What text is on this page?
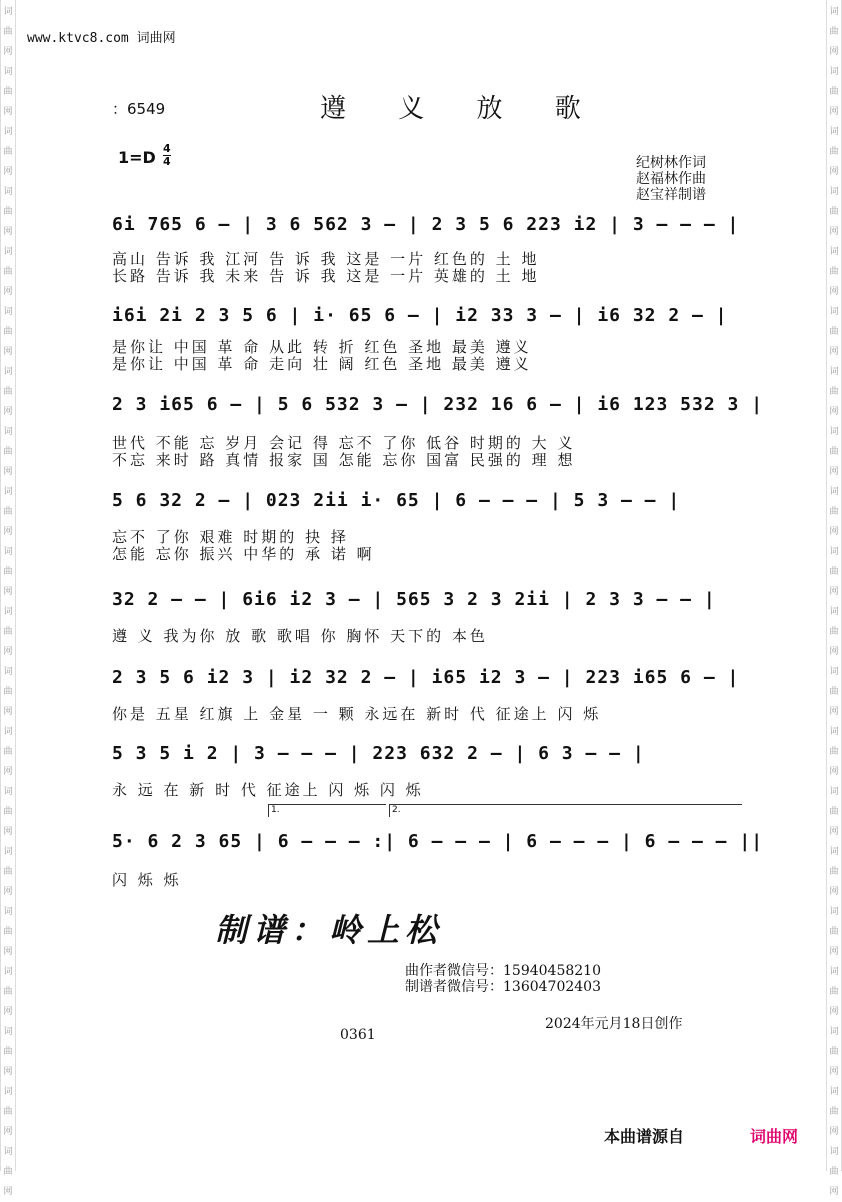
词
曲
网
词
曲
网
词
曲
网
词
曲
网
词
曲
网
词
曲
网
词
曲
网
词
曲
网
词
曲
网
词
曲
网
词
曲
网
词
曲
网
词
曲
网
词
曲
网
词
曲
网
词
曲
网
词
曲
网
词
曲
网
词
曲
网
词
曲
网
词
曲
网
词
曲
网
词
曲
网
词
曲
网
词
曲
网
词
曲
网
词
曲
网
词
曲
网
词
曲
网
词
曲
网
词
曲
网
词
曲
网
词
曲
网
词
曲
网
词
曲
网
词
曲
网
词
曲
网
词
曲
网
词
曲
网
词
曲
网
www.ktvc8.com 词曲网
：6549	遵 义 放 歌
1=D 4
4	纪树林作词
赵福林作曲
赵宝祥制谱
6i 765 6 – | 3 6 562 3 – | 2 3 5 6 223 i2 | 3 – – – |
高山 告诉 我 江河 告 诉 我 这是 一片 红色的 土 地
长路 告诉 我 未来 告 诉 我 这是 一片 英雄的 土 地
i6i 2i 2 3 5 6 | i· 65 6 – | i2 33 3 – | i6 32 2 – |
是你让 中国 革 命 从此 转 折 红色 圣地 最美 遵义
是你让 中国 革 命 走向 壮 阔 红色 圣地 最美 遵义
2 3 i65 6 – | 5 6 532 3 – | 232 16 6 – | i6 123 532 3 |
世代 不能 忘 岁月 会记 得 忘不 了你 低谷 时期的 大 义
不忘 来时 路 真情 报家 国 怎能 忘你 国富 民强的 理 想
5 6 32 2 – | 023 2ii i· 65 | 6 – – – | 5 3 – – |
忘不 了你 艰难 时期的 抉 择
怎能 忘你 振兴 中华的 承 诺 啊
32 2 – – | 6i6 i2 3 – | 565 3 2 3 2ii | 2 3 3 – – |
遵 义 我为你 放 歌 歌唱 你 胸怀 天下的 本色
2 3 5 6 i2 3 | i2 32 2 – | i65 i2 3 – | 223 i65 6 – |
你是 五星 红旗 上 金星 一 颗 永远在 新时 代 征途上 闪 烁
5 3 5 i 2 | 3 – – – | 223 632 2 – | 6 3 – – |
永 远 在 新 时 代 征途上 闪 烁 闪 烁
1.	2.
5· 6 2 3 65 | 6 – – – :| 6 – – – | 6 – – – | 6 – – – ||
闪 烁 烁
制谱：岭上松
曲作者微信号：15940458210
制谱者微信号：13604702403
2024年元月18日创作
0361
本曲谱源自	词曲网
